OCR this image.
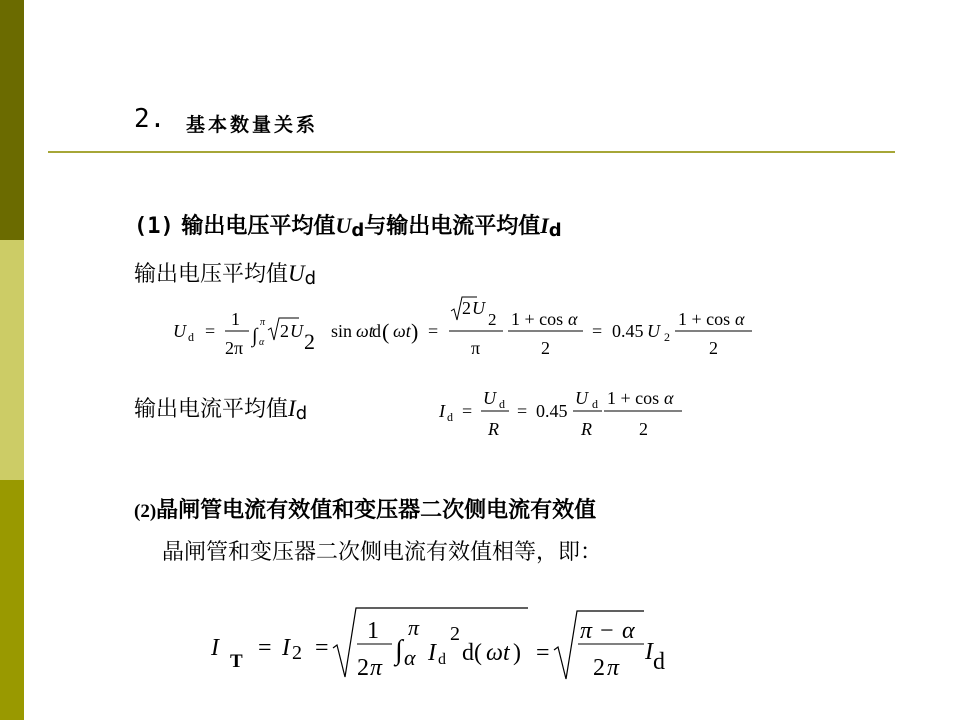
2. 基本数量关系
(1) 输出电压平均值Ud与输出电流平均值Id
输出电压平均值Ud
U d =
1
2π
∫
π
α
2 U 2 sin ωt
d ( ωt ) =
2 U
2
π
1 + cos α
2
= 0.45 U 2
1 + cos α
2
输出电流平均值Id	I d =
U d
R
= 0.45
U d
R
1 + cos α
2
(2)晶闸管电流有效值和变压器二次侧电流有效值
晶闸管和变压器二次侧电流有效值相等，即：
I
T
= I 2 =
1
2 π
∫
π
α I d
2
d( ωt ) =
π − α
2 π
I d
